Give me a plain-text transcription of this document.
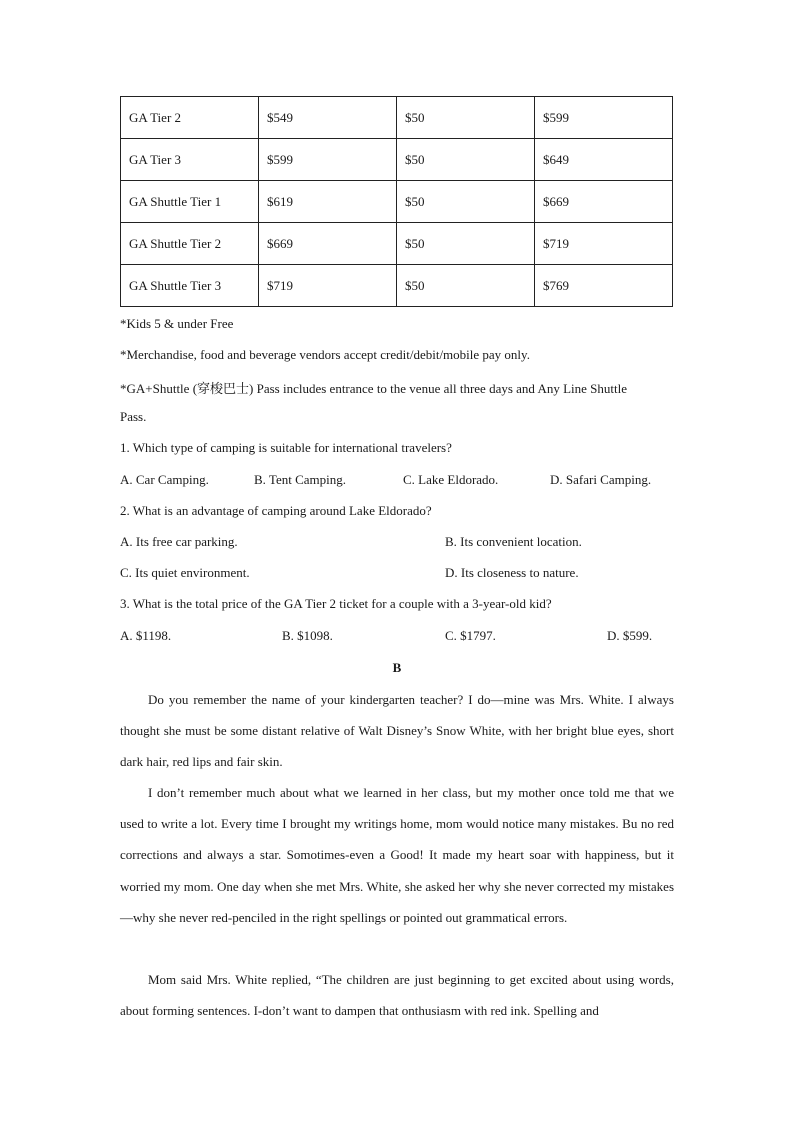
GA Tier 2	$549	$50	$599
GA Tier 3	$599	$50	$649
GA Shuttle Tier 1	$619	$50	$669
GA Shuttle Tier 2	$669	$50	$719
GA Shuttle Tier 3	$719	$50	$769
*Kids 5 & under Free
*Merchandise, food and beverage vendors accept credit/debit/mobile pay only.
*GA+Shuttle (穿梭巴士) Pass includes entrance to the venue all three days and Any Line Shuttle
Pass.
1. Which type of camping is suitable for international travelers?
A. Car Camping.	B. Tent Camping.	C. Lake Eldorado.	D. Safari Camping.
2. What is an advantage of camping around Lake Eldorado?
A. Its free car parking.	B. Its convenient location.
C. Its quiet environment.	D. Its closeness to nature.
3. What is the total price of the GA Tier 2 ticket for a couple with a 3-year-old kid?
A. $1198.	B. $1098.	C. $1797.	D. $599.
B
Do you remember the name of your kindergarten teacher? I do—mine was Mrs. White. I always thought she must be some distant relative of Walt Disney’s Snow White, with her bright blue eyes, short dark hair, red lips and fair skin.
I don’t remember much about what we learned in her class, but my mother once told me that we used to write a lot. Every time I brought my writings home, mom would notice many mistakes. Bu no red corrections and always a star. Somotimes-even a Good! It made my heart soar with happiness, but it worried my mom. One day when she met Mrs. White, she asked her why she never corrected my mistakes—why she never red-penciled in the right spellings or pointed out grammatical errors.
Mom said Mrs. White replied, “The children are just beginning to get excited about using words, about forming sentences. I-don’t want to dampen that onthusiasm with red ink. Spelling and
